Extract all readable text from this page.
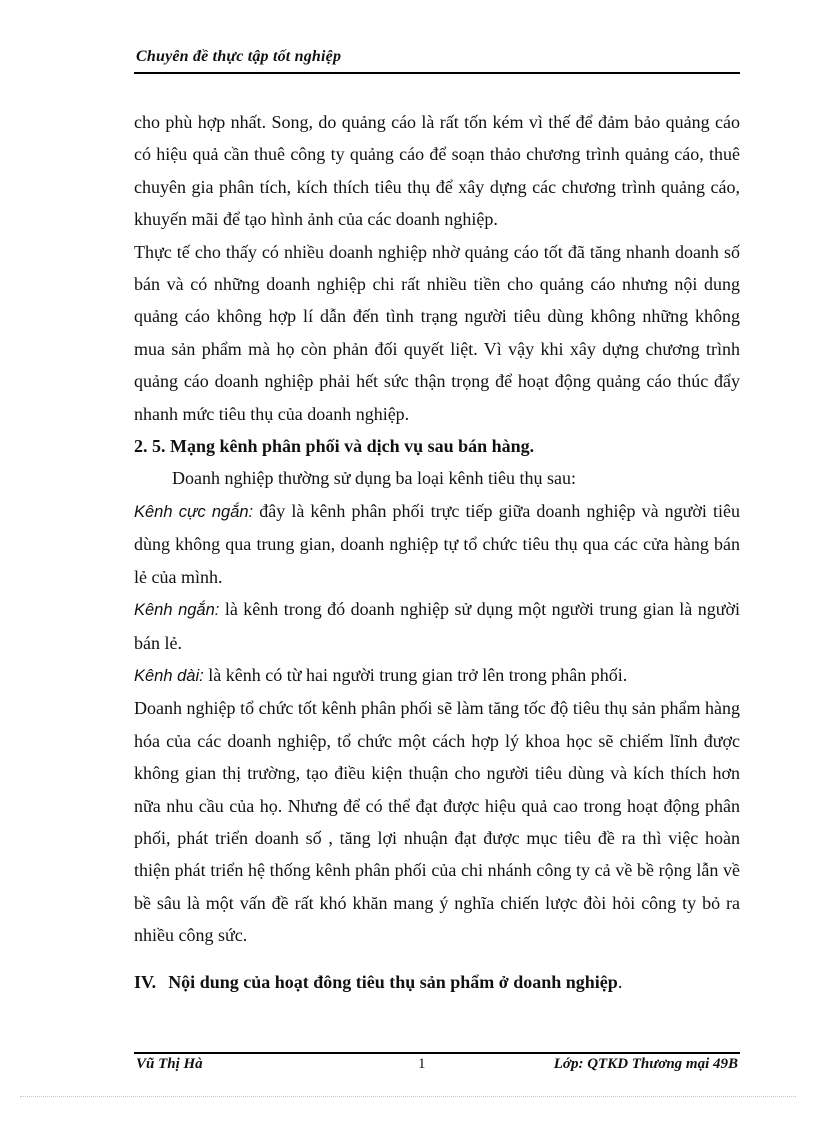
Chuyên đề thực tập tốt nghiệp

cho phù hợp nhất. Song, do quảng cáo là rất tốn kém vì thế để đảm bảo quảng cáo có hiệu quả cần thuê công ty quảng cáo để soạn thảo chương trình quảng cáo, thuê chuyên gia phân tích, kích thích tiêu thụ để xây dựng các chương trình quảng cáo, khuyến mãi để tạo hình ảnh của các doanh nghiệp.

Thực tế cho thấy có nhiều doanh nghiệp nhờ quảng cáo tốt đã tăng nhanh doanh số bán và có những doanh nghiệp chi rất nhiều tiền cho quảng cáo nhưng nội dung quảng cáo không hợp lí dẫn đến tình trạng người tiêu dùng không những không mua sản phẩm mà họ còn phản đối quyết liệt. Vì vậy khi xây dựng chương trình quảng cáo doanh nghiệp phải hết sức thận trọng để hoạt động quảng cáo thúc đẩy nhanh mức tiêu thụ của doanh nghiệp.

2. 5. Mạng kênh phân phối và dịch vụ sau bán hàng.

Doanh nghiệp thường sử dụng ba loại kênh tiêu thụ sau:

Kênh cực ngắn: đây là kênh phân phối trực tiếp giữa doanh nghiệp và người tiêu dùng không qua trung gian, doanh nghiệp tự tổ chức tiêu thụ qua các cửa hàng bán lẻ của mình.

Kênh ngắn: là kênh trong đó doanh nghiệp sử dụng một người trung gian là người bán lẻ.

Kênh dài: là kênh có từ hai người trung gian trở lên trong phân phối.

Doanh nghiệp tổ chức tốt kênh phân phối sẽ làm tăng tốc độ tiêu thụ sản phẩm hàng hóa của các doanh nghiệp, tổ chức một cách hợp lý khoa học sẽ chiếm lĩnh được không gian thị trường, tạo điều kiện thuận cho người tiêu dùng và kích thích hơn nữa nhu cầu của họ. Nhưng để có thể đạt được hiệu quả cao trong hoạt động phân phối, phát triển doanh số , tăng lợi nhuận đạt được mục tiêu đề ra thì việc hoàn thiện phát triển hệ thống kênh phân phối của chi nhánh công ty cả về bề rộng lẫn về bề sâu là một vấn đề rất khó khăn mang ý nghĩa chiến lược đòi hỏi công ty bỏ ra nhiều công sức.

IV. Nội dung của hoạt đông tiêu thụ sản phẩm ở doanh nghiệp.
Vũ Thị Hà	1	Lớp: QTKD Thương mại 49B
